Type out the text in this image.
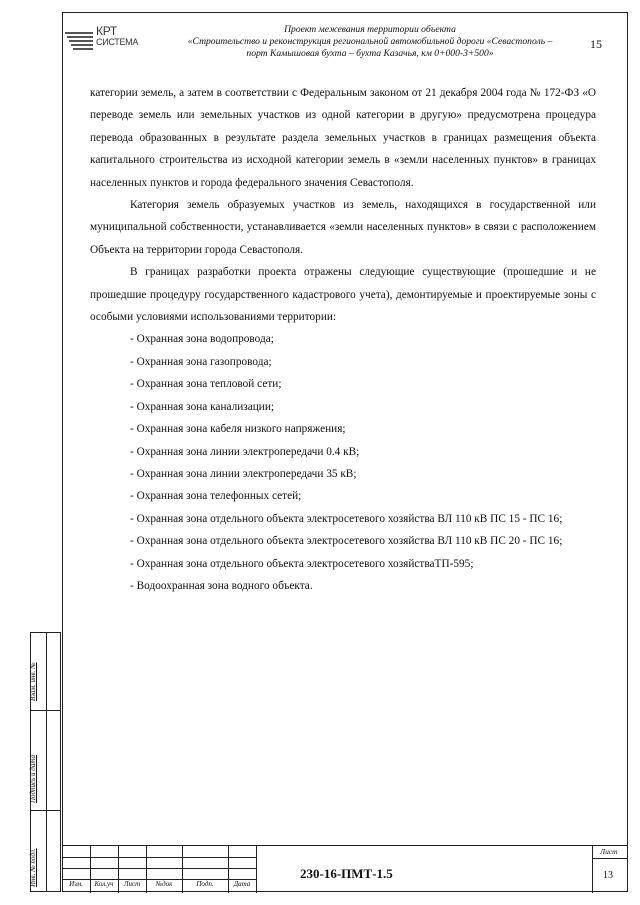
КРТ
СИСТЕМА
Проект межевания территории объекта
«Строительство и реконструкция региональной автомобильной дороги «Севастополь –
порт Камышовая бухта – бухта Казачья, км 0+000-3+500»
15

категории земель, а затем в соответствии с Федеральным законом от 21 декабря 2004 года № 172-ФЗ «О переводе земель или земельных участков из одной категории в другую» предусмотрена процедура перевода образованных в результате раздела земельных участков в границах размещения объекта капитального строительства из исходной категории земель в «земли населенных пунктов» в границах населенных пунктов и города федерального значения Севастополя.

Категория земель образуемых участков из земель, находящихся в государственной или муниципальной собственности, устанавливается «земли населенных пунктов» в связи с расположением Объекта на территории города Севастополя.

В границах разработки проекта отражены следующие существующие (прошедшие и не прошедшие процедуру государственного кадастрового учета), демонтируемые и проектируемые зоны с особыми условиями использованиями территории:

- Охранная зона водопровода;

- Охранная зона газопровода;

- Охранная зона тепловой сети;

- Охранная зона канализации;

- Охранная зона кабеля низкого напряжения;

- Охранная зона линии электропередачи 0.4 кВ;

- Охранная зона линии электропередачи 35 кВ;

- Охранная зона телефонных сетей;

- Охранная зона отдельного объекта электросетевого хозяйства ВЛ 110 кВ ПС 15 - ПС 16;

- Охранная зона отдельного объекта электросетевого хозяйства ВЛ 110 кВ ПС 20 - ПС 16;

- Охранная зона отдельного объекта электросетевого хозяйстваТП-595;

- Водоохранная зона водного объекта.

Взам. инв. №
Подпись и дата
Инв. № подл.	Изм.	Кол.уч	Лист	№док	Подп.	Дата
230-16-ПМТ-1.5
Лист
13
